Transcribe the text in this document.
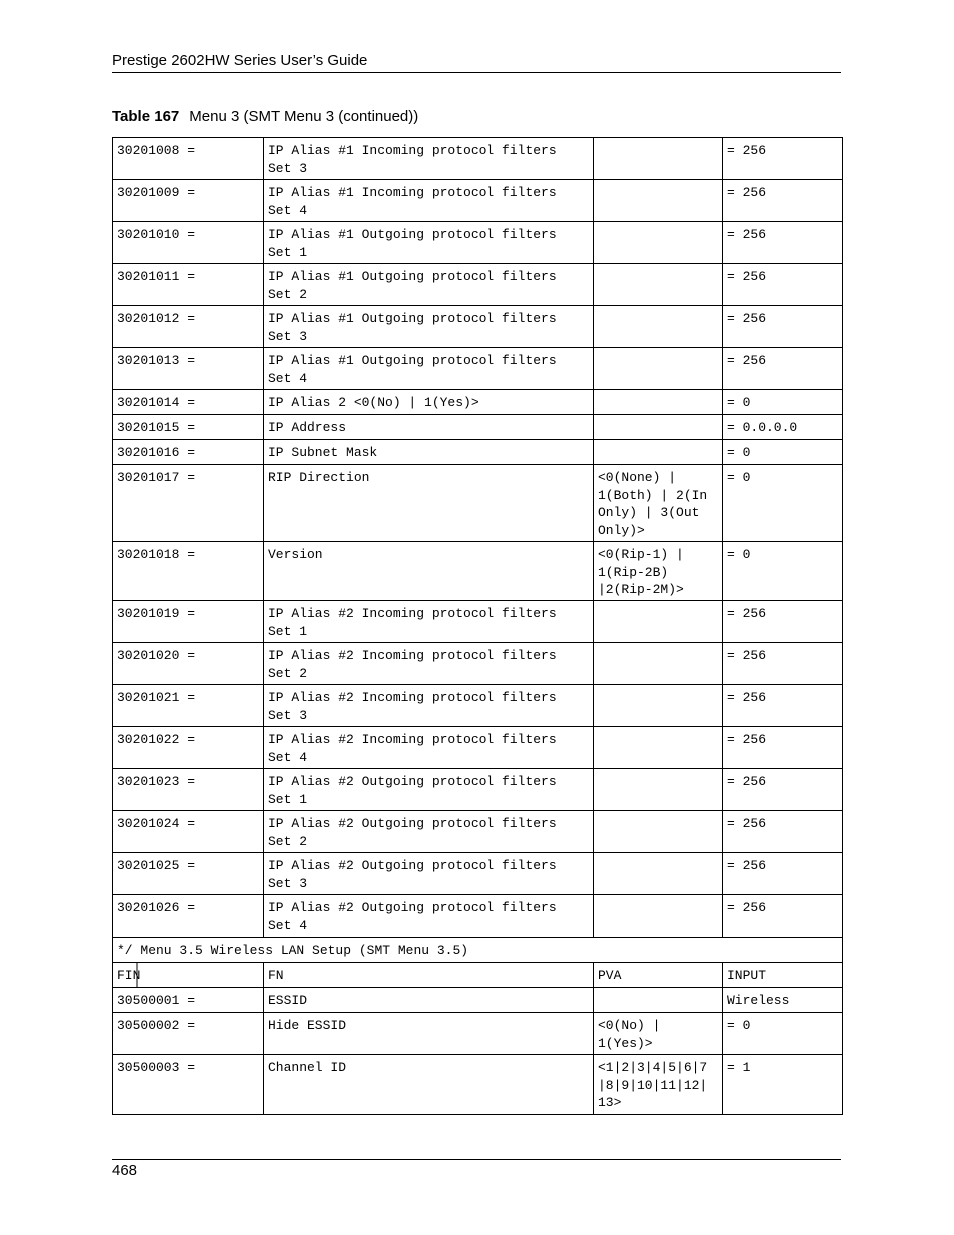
Prestige 2602HW Series User’s Guide
Table 167 Menu 3 (SMT Menu 3 (continued))
30201008 =	IP Alias #1 Incoming protocol filters
Set 3		= 256
30201009 =	IP Alias #1 Incoming protocol filters
Set 4		= 256
30201010 =	IP Alias #1 Outgoing protocol filters
Set 1		= 256
30201011 =	IP Alias #1 Outgoing protocol filters
Set 2		= 256
30201012 =	IP Alias #1 Outgoing protocol filters
Set 3		= 256
30201013 =	IP Alias #1 Outgoing protocol filters
Set 4		= 256
30201014 =	IP Alias 2 <0(No) | 1(Yes)>		= 0
30201015 =	IP Address		= 0.0.0.0
30201016 =	IP Subnet Mask		= 0
30201017 =	RIP Direction	<0(None) |
1(Both) | 2(In
Only) | 3(Out
Only)>	= 0
30201018 =	Version	<0(Rip-1) |
1(Rip-2B)
|2(Rip-2M)>	= 0
30201019 =	IP Alias #2 Incoming protocol filters
Set 1		= 256
30201020 =	IP Alias #2 Incoming protocol filters
Set 2		= 256
30201021 =	IP Alias #2 Incoming protocol filters
Set 3		= 256
30201022 =	IP Alias #2 Incoming protocol filters
Set 4		= 256
30201023 =	IP Alias #2 Outgoing protocol filters
Set 1		= 256
30201024 =	IP Alias #2 Outgoing protocol filters
Set 2		= 256
30201025 =	IP Alias #2 Outgoing protocol filters
Set 3		= 256
30201026 =	IP Alias #2 Outgoing protocol filters
Set 4		= 256
*/ Menu 3.5 Wireless LAN Setup (SMT Menu 3.5)			
FIN	FN	PVA	INPUT
30500001 =	ESSID		Wireless
30500002 =	Hide ESSID	<0(No) |
1(Yes)>	= 0
30500003 =	Channel ID	<1|2|3|4|5|6|7
|8|9|10|11|12|
13>	= 1
468
